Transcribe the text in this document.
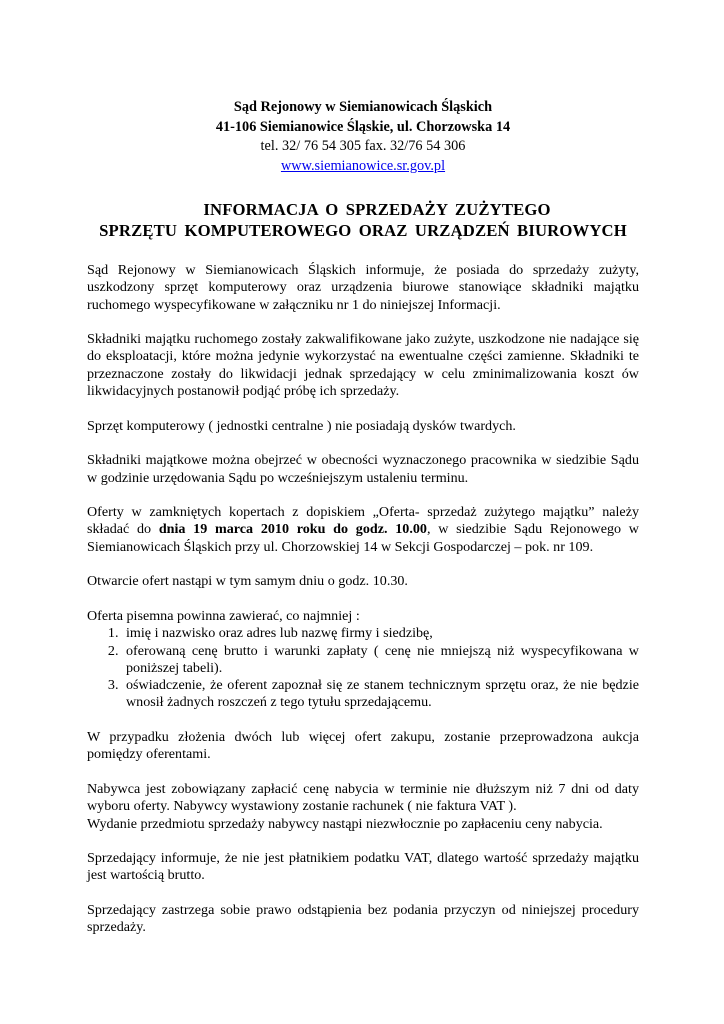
Sąd Rejonowy w Siemianowicach Śląskich
41-106 Siemianowice Śląskie, ul. Chorzowska 14
tel. 32/ 76 54 305 fax. 32/76 54 306
www.siemianowice.sr.gov.pl
INFORMACJA O SPRZEDAŻY ZUŻYTEGO
SPRZĘTU KOMPUTEROWEGO ORAZ URZĄDZEŃ BIUROWYCH

Sąd Rejonowy w Siemianowicach Śląskich informuje, że posiada do sprzedaży zużyty, uszkodzony sprzęt komputerowy oraz urządzenia biurowe stanowiące składniki majątku ruchomego wyspecyfikowane w załączniku nr 1 do niniejszej Informacji.

Składniki majątku ruchomego zostały zakwalifikowane jako zużyte, uszkodzone nie nadające się do eksploatacji, które można jedynie wykorzystać na ewentualne części zamienne. Składniki te przeznaczone zostały do likwidacji jednak sprzedający w celu zminimalizowania koszt ów likwidacyjnych postanowił podjąć próbę ich sprzedaży.

Sprzęt komputerowy ( jednostki centralne ) nie posiadają dysków twardych.

Składniki majątkowe można obejrzeć w obecności wyznaczonego pracownika w siedzibie Sądu w godzinie urzędowania Sądu po wcześniejszym ustaleniu terminu.

Oferty w zamkniętych kopertach z dopiskiem „Oferta- sprzedaż zużytego majątku” należy składać do dnia 19 marca 2010 roku do godz. 10.00, w siedzibie Sądu Rejonowego w Siemianowicach Śląskich przy ul. Chorzowskiej 14 w Sekcji Gospodarczej – pok. nr 109.

Otwarcie ofert nastąpi w tym samym dniu o godz. 10.30.

Oferta pisemna powinna zawierać, co najmniej :

1. imię i nazwisko oraz adres lub nazwę firmy i siedzibę,
2. oferowaną cenę brutto i warunki zapłaty ( cenę nie mniejszą niż wyspecyfikowana w poniższej tabeli).
3. oświadczenie, że oferent zapoznał się ze stanem technicznym sprzętu oraz, że nie będzie wnosił żadnych roszczeń z tego tytułu sprzedającemu.

W przypadku złożenia dwóch lub więcej ofert zakupu, zostanie przeprowadzona aukcja pomiędzy oferentami.

Nabywca jest zobowiązany zapłacić cenę nabycia w terminie nie dłuższym niż 7 dni od daty wyboru oferty. Nabywcy wystawiony zostanie rachunek ( nie faktura VAT ).

Wydanie przedmiotu sprzedaży nabywcy nastąpi niezwłocznie po zapłaceniu ceny nabycia.

Sprzedający informuje, że nie jest płatnikiem podatku VAT, dlatego wartość sprzedaży majątku jest wartością brutto.

Sprzedający zastrzega sobie prawo odstąpienia bez podania przyczyn od niniejszej procedury sprzedaży.
